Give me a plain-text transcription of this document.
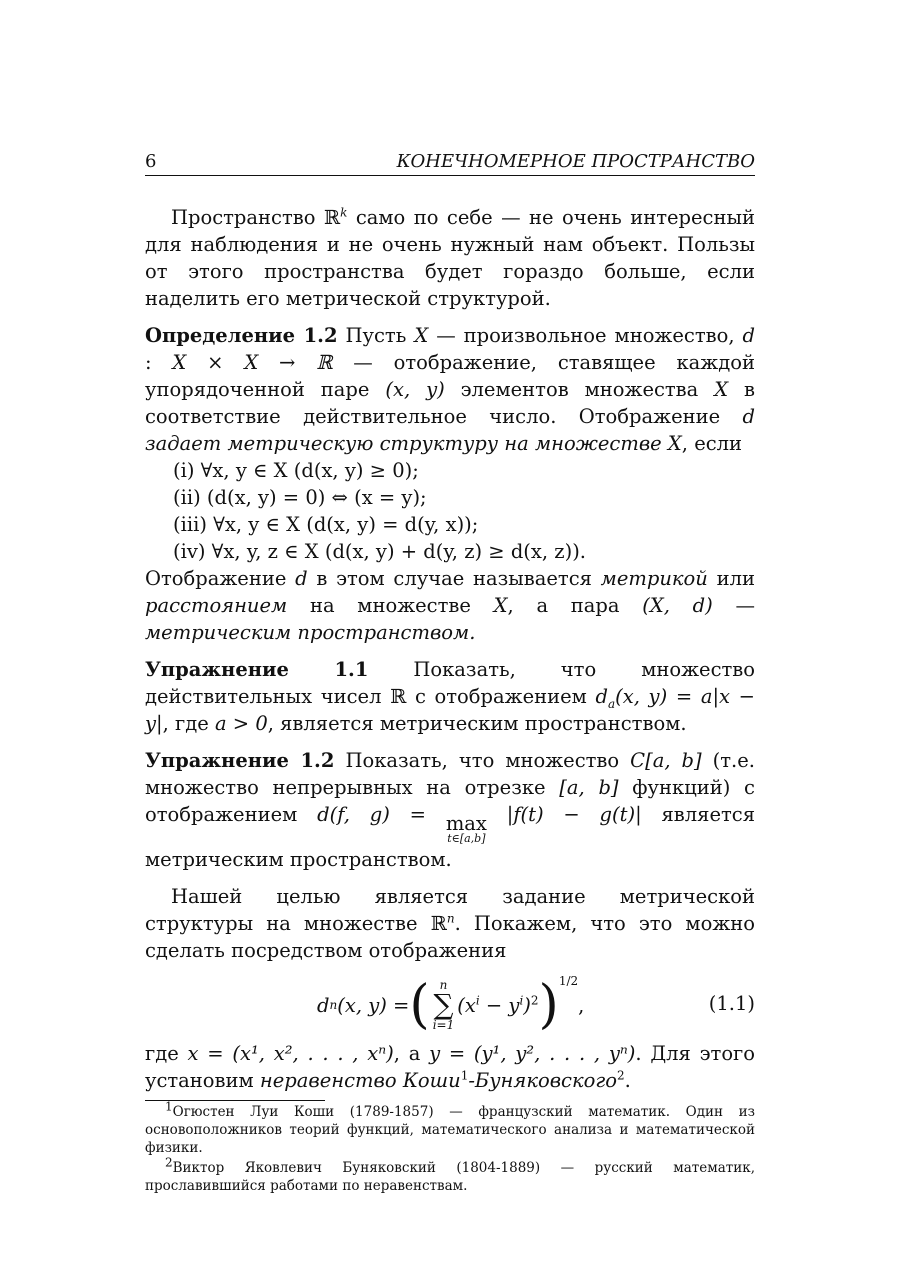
6	КОНЕЧНОМЕРНОЕ ПРОСТРАНСТВО

Пространство ℝ$^k$ само по себе — не очень интересный для наблюдения и не очень нужный нам объект. Пользы от этого пространства будет гораздо больше, если наделить его метрической структурой.

Определение 1.2 Пусть X — произвольное множество, d : X × X → ℝ — отображение, ставящее каждой упорядоченной паре (x, y) элементов множества X в соответствие действительное число. Отображение d задает метрическую структуру на множестве X, если

(i) ∀x, y ∈ X (d(x, y) ≥ 0);
(ii) (d(x, y) = 0) ⇔ (x = y);
(iii) ∀x, y ∈ X (d(x, y) = d(y, x));
(iv) ∀x, y, z ∈ X (d(x, y) + d(y, z) ≥ d(x, z)).

Отображение d в этом случае называется метрикой или расстоянием на множестве X, а пара (X, d) — метрическим пространством.

Упражнение 1.1 Показать, что множество действительных чисел ℝ с отображением $d_a(x$, y) = a|x − y|, где a > 0, является метрическим пространством.

Упражнение 1.2 Показать, что множество C[a, b] (т.е. множество непрерывных на отрезке [a, b] функций) с отображением d(f, g) = max
t∈[a,b]
|f(t) − g(t)| является метрическим пространством.

Нашей целью является задание метрической структуры на множестве ℝ$^n$. Покажем, что это можно сделать посредством отображения

d n (x, y) = ( n
∑
i=1
$(x^i - y^i)^2$ ) 1/2
,	(1.1)

где x = (x¹, x², . . . , xⁿ), а y = (y¹, y², . . . , yⁿ). Для этого установим неравенство Коши$^1$-Буняковского$^2$.

$^1$Огюстен Луи Коши (1789-1857) — французский математик. Один из основоположников теорий функций, математического анализа и математической физики.
$^2$Виктор Яковлевич Буняковский (1804-1889) — русский математик, прославившийся работами по неравенствам.
